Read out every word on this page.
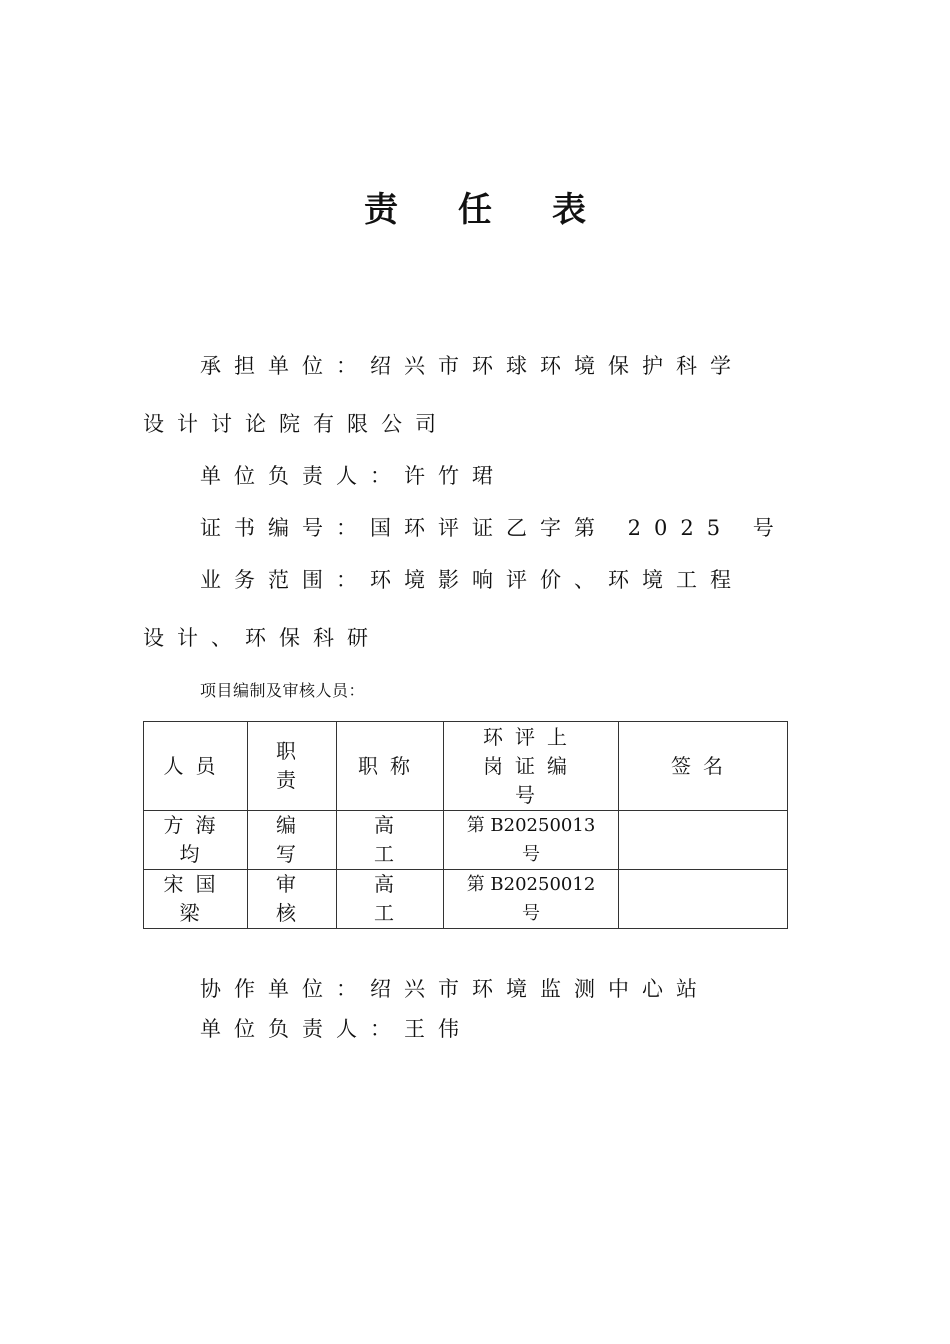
责 任 表
承担单位：绍兴市环球环境保护科学
设计讨论院有限公司
单位负责人：许竹珺
证书编号：国环评证乙字第 2025 号
业务范围：环境影响评价、环境工程
设计、环保科研
项目编制及审核人员：
人员	职责	职称	环评上岗证编号	签名
方海均	编写	高工	第 B20250013 号	
宋国梁	审核	高工	第 B20250012 号	
协作单位：绍兴市环境监测中心站
单位负责人：王伟
